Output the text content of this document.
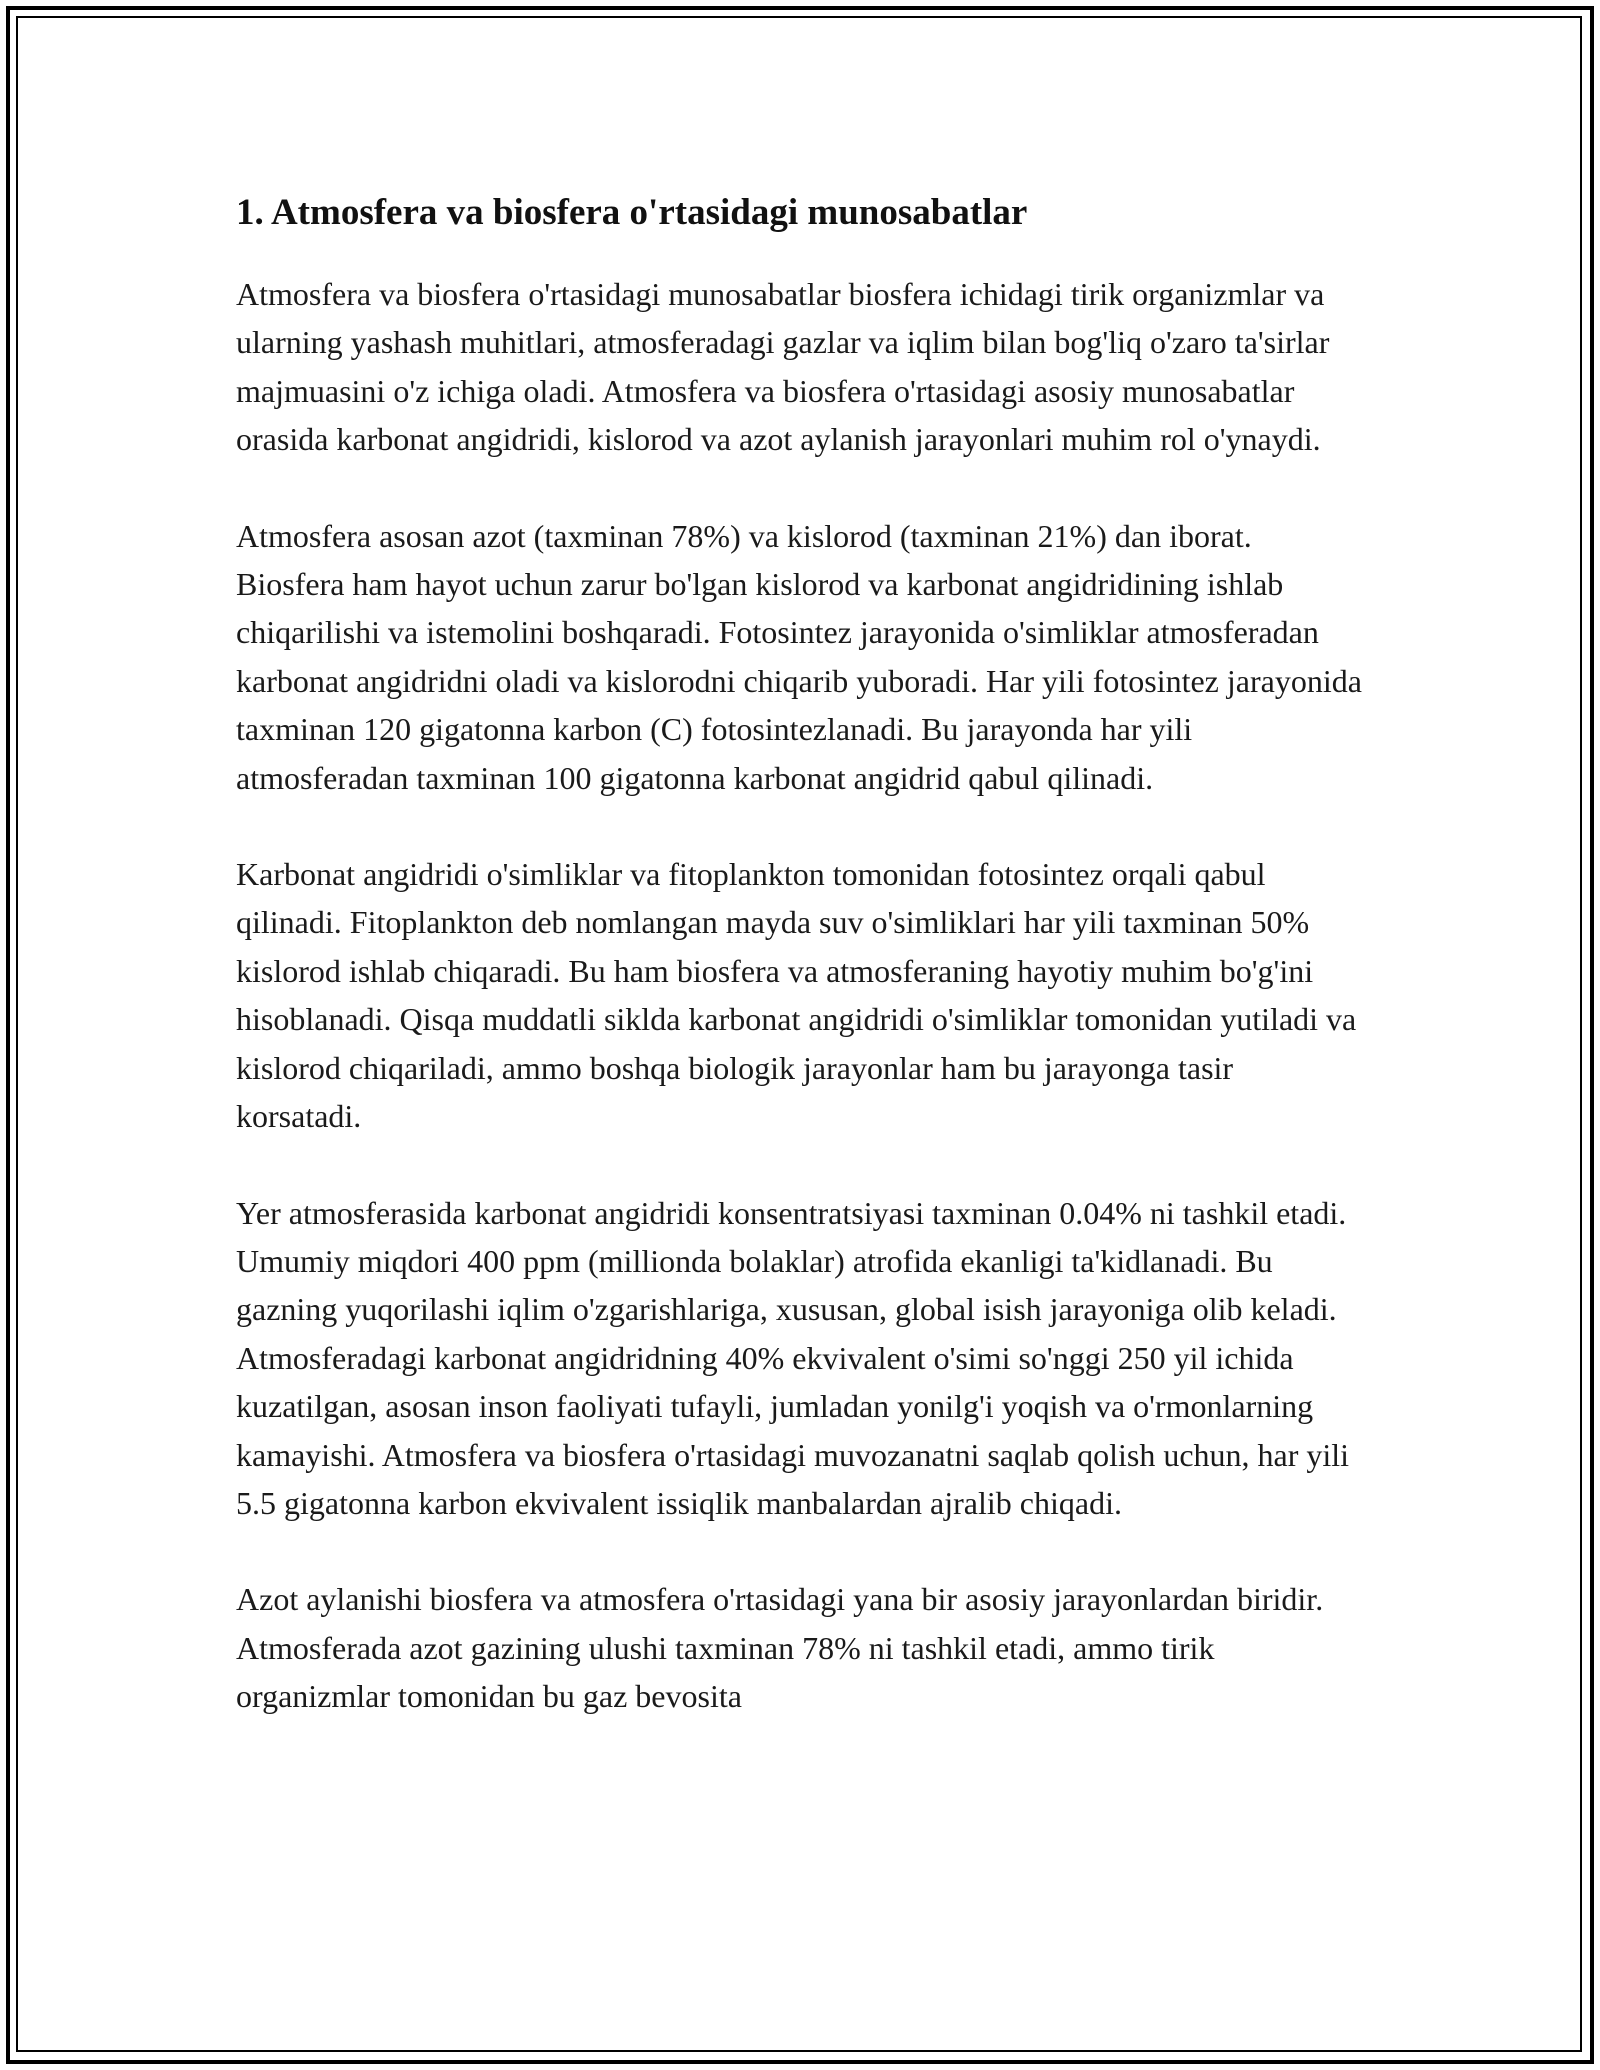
1. Atmosfera va biosfera o'rtasidagi munosabatlar

Atmosfera va biosfera o'rtasidagi munosabatlar biosfera ichidagi tirik organizmlar va ularning yashash muhitlari, atmosferadagi gazlar va iqlim bilan bog'liq o'zaro ta'sirlar majmuasini o'z ichiga oladi. Atmosfera va biosfera o'rtasidagi asosiy munosabatlar orasida karbonat angidridi, kislorod va azot aylanish jarayonlari muhim rol o'ynaydi.

Atmosfera asosan azot (taxminan 78%) va kislorod (taxminan 21%) dan iborat. Biosfera ham hayot uchun zarur bo'lgan kislorod va karbonat angidridining ishlab chiqarilishi va istemolini boshqaradi. Fotosintez jarayonida o'simliklar atmosferadan karbonat angidridni oladi va kislorodni chiqarib yuboradi. Har yili fotosintez jarayonida taxminan 120 gigatonna karbon (C) fotosintezlanadi. Bu jarayonda har yili atmosferadan taxminan 100 gigatonna karbonat angidrid qabul qilinadi.

Karbonat angidridi o'simliklar va fitoplankton tomonidan fotosintez orqali qabul qilinadi. Fitoplankton deb nomlangan mayda suv o'simliklari har yili taxminan 50% kislorod ishlab chiqaradi. Bu ham biosfera va atmosferaning hayotiy muhim bo'g'ini hisoblanadi. Qisqa muddatli siklda karbonat angidridi o'simliklar tomonidan yutiladi va kislorod chiqariladi, ammo boshqa biologik jarayonlar ham bu jarayonga tasir korsatadi.

Yer atmosferasida karbonat angidridi konsentratsiyasi taxminan 0.04% ni tashkil etadi. Umumiy miqdori 400 ppm (millionda bolaklar) atrofida ekanligi ta'kidlanadi. Bu gazning yuqorilashi iqlim o'zgarishlariga, xususan, global isish jarayoniga olib keladi. Atmosferadagi karbonat angidridning 40% ekvivalent o'simi so'nggi 250 yil ichida kuzatilgan, asosan inson faoliyati tufayli, jumladan yonilg'i yoqish va o'rmonlarning kamayishi. Atmosfera va biosfera o'rtasidagi muvozanatni saqlab qolish uchun, har yili 5.5 gigatonna karbon ekvivalent issiqlik manbalardan ajralib chiqadi.

Azot aylanishi biosfera va atmosfera o'rtasidagi yana bir asosiy jarayonlardan biridir. Atmosferada azot gazining ulushi taxminan 78% ni tashkil etadi, ammo tirik organizmlar tomonidan bu gaz bevosita
